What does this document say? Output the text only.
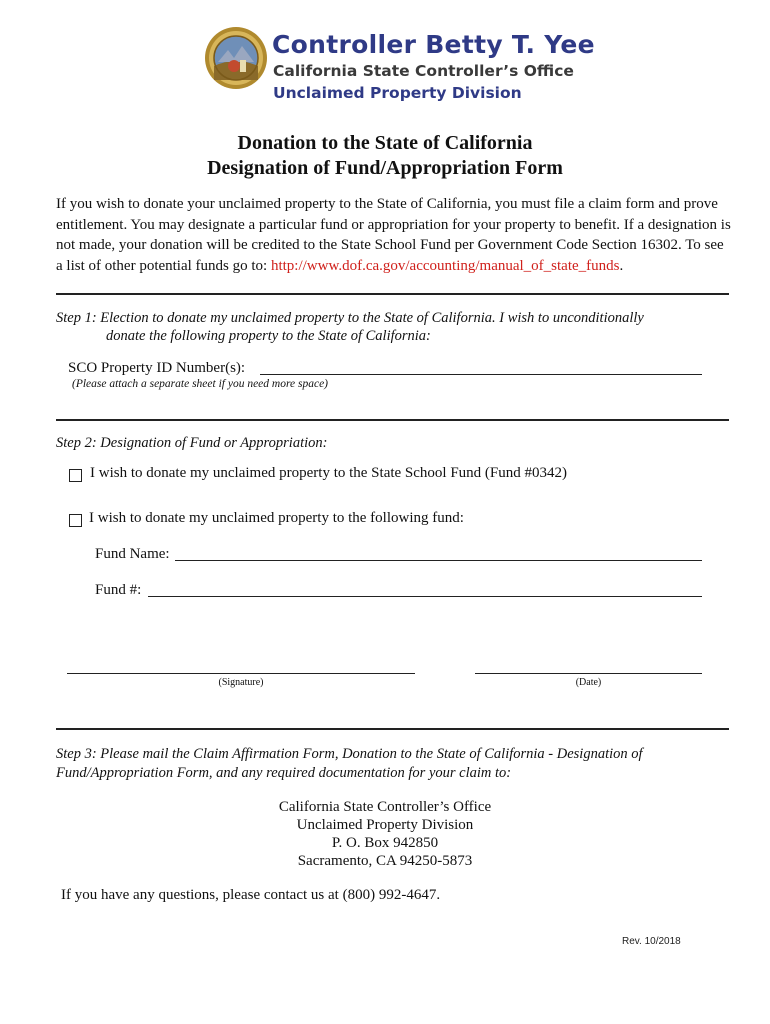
Controller Betty T. Yee
California State Controller’s Office
Unclaimed Property Division
Donation to the State of California
Designation of Fund/Appropriation Form
If you wish to donate your unclaimed property to the State of California, you must file a claim form and prove entitlement. You may designate a particular fund or appropriation for your property to benefit. If a designation is not made, your donation will be credited to the State School Fund per Government Code Section 16302. To see a list of other potential funds go to: http://www.dof.ca.gov/accounting/manual_of_state_funds.
Step 1: Election to donate my unclaimed property to the State of California. I wish to unconditionally
donate the following property to the State of California:
SCO Property ID Number(s):
(Please attach a separate sheet if you need more space)
Step 2: Designation of Fund or Appropriation:
I wish to donate my unclaimed property to the State School Fund (Fund #0342)
I wish to donate my unclaimed property to the following fund:
Fund Name:
Fund #:
(Signature)	(Date)
Step 3: Please mail the Claim Affirmation Form, Donation to the State of California - Designation of
Fund/Appropriation Form, and any required documentation for your claim to:
California State Controller’s Office
Unclaimed Property Division
P. O. Box 942850
Sacramento, CA 94250-5873
If you have any questions, please contact us at (800) 992-4647.
Rev. 10/2018
